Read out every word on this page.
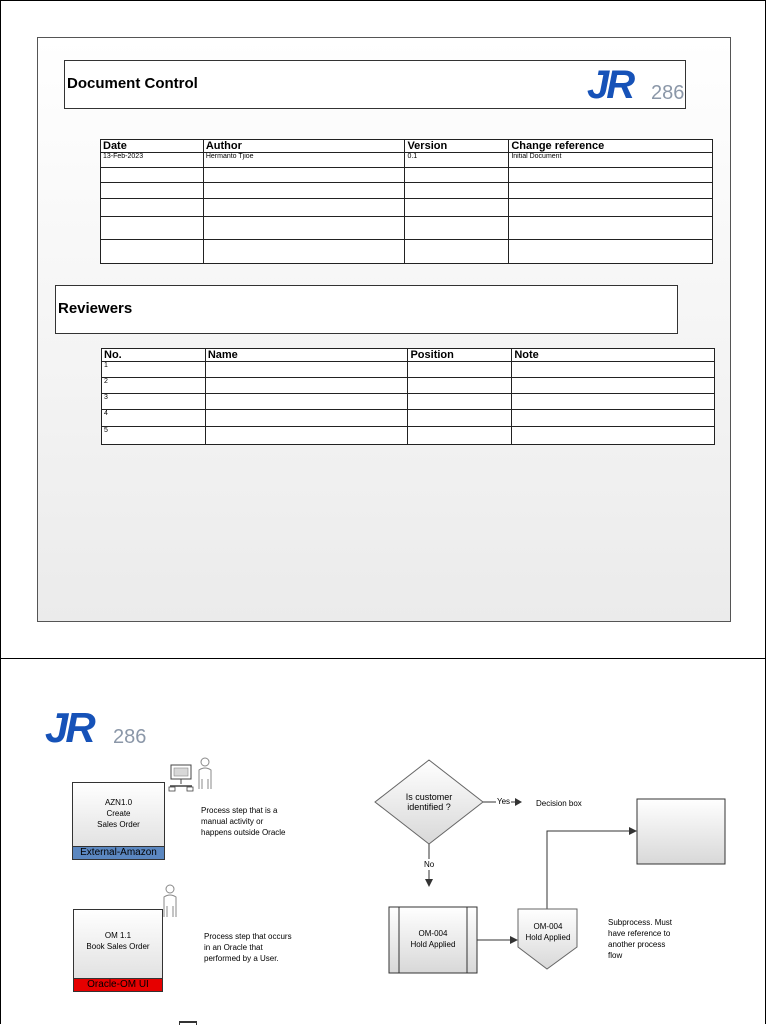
Document Control	JR 286
Date	Author	Version	Change reference
13-Feb-2023	Hermanto Tjioe	0.1	Initial Document

Reviewers
No.	Name	Position	Note
1			
2			
3			
4			
5			
JR 286
AZN1.0
Create
Sales Order
External-Amazon
Process step that is a
manual activity or
happens outside Oracle
OM 1.1
Book Sales Order
Oracle-OM UI
Process step that occurs
in an Oracle that
performed by a User.
Is customer
identified ?
Yes	Decision box
No
OM-004
Hold Applied
OM-004
Hold Applied
Subprocess. Must
have reference to
another process
flow
